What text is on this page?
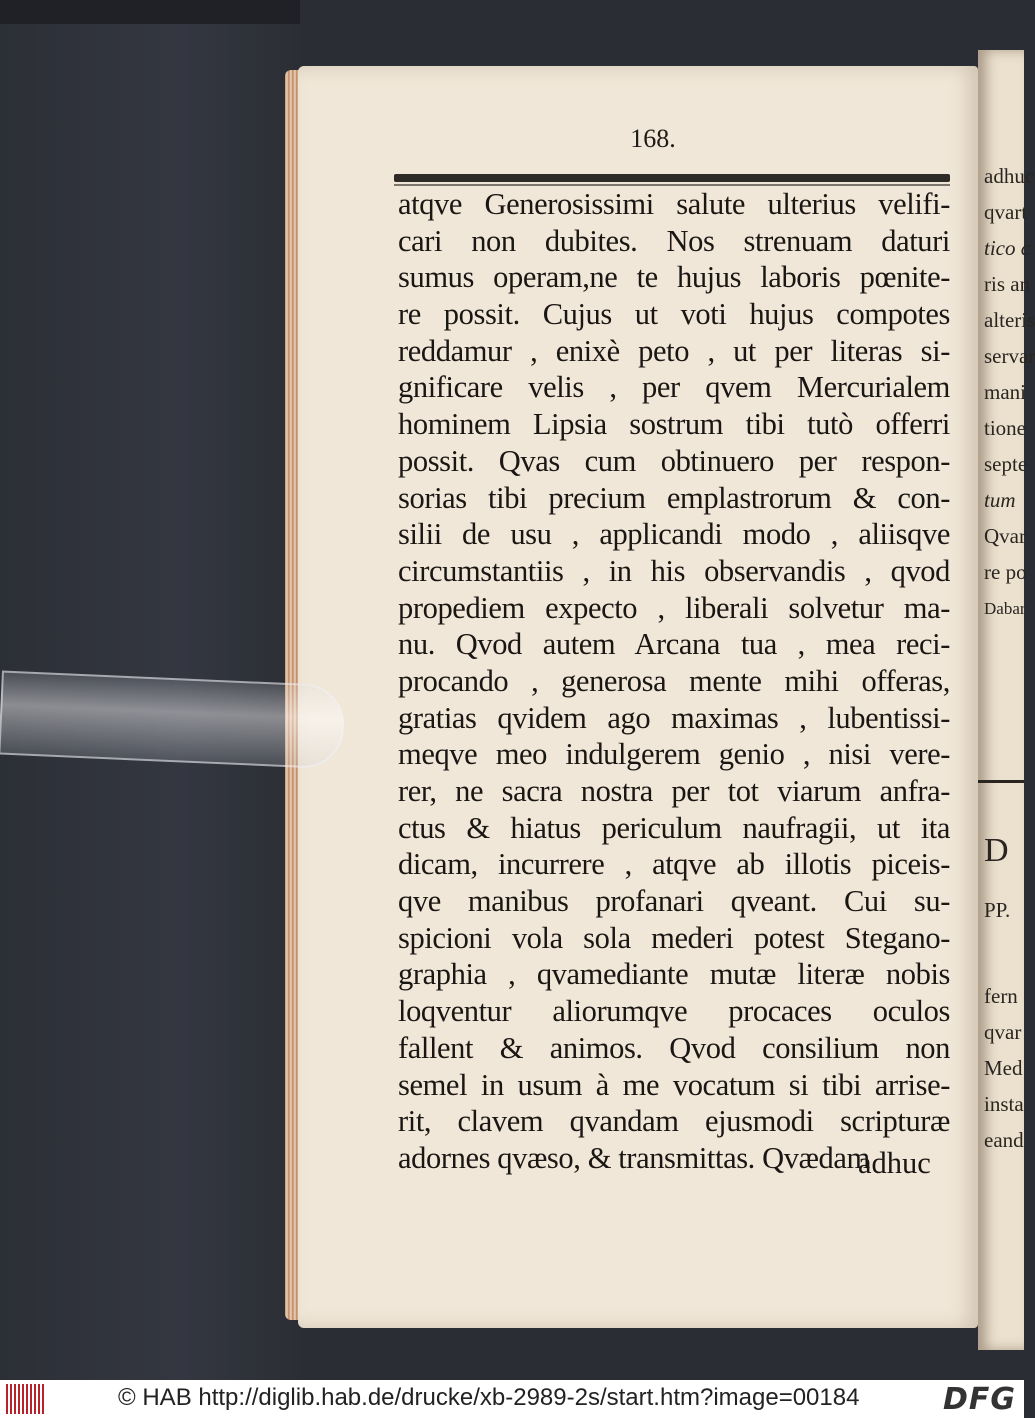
168.
atqve Generosissimi salute ulterius velifi-
cari non dubites. Nos strenuam daturi
sumus operam,ne te hujus laboris pœnite-
re possit. Cujus ut voti hujus compotes
reddamur , enixè peto , ut per literas si-
gnificare velis , per qvem Mercurialem
hominem Lipsia sostrum tibi tutò offerri
possit. Qvas cum obtinuero per respon-
sorias tibi precium emplastrorum & con-
silii de usu , applicandi modo , aliisqve
circumstantiis , in his observandis , qvod
propediem expecto , liberali solvetur ma-
nu. Qvod autem Arcana tua , mea reci-
procando , generosa mente mihi offeras,
gratias qvidem ago maximas , lubentissi-
meqve meo indulgerem genio , nisi vere-
rer, ne sacra nostra per tot viarum anfra-
ctus & hiatus periculum naufragii, ut ita
dicam, incurrere , atqve ab illotis piceis-
qve manibus profanari qveant. Cui su-
spicioni vola sola mederi potest Stegano-
graphia , qvamediante mutæ literæ nobis
loqventur aliorumqve procaces oculos
fallent & animos. Qvod consilium non
semel in usum à me vocatum si tibi arrise-
rit, clavem qvandam ejusmodi scripturæ
adornes qvæso, & transmittas. Qvædam
adhuc
adhuc
qvart
tico c
ris an
alteris
servar
mani
tione
septe
tum
Qvar
re po
Dabar
D
PP.
fern
qvar
Med
insta
eand
© HAB http://diglib.hab.de/drucke/xb-2989-2s/start.htm?image=00184	DFG
